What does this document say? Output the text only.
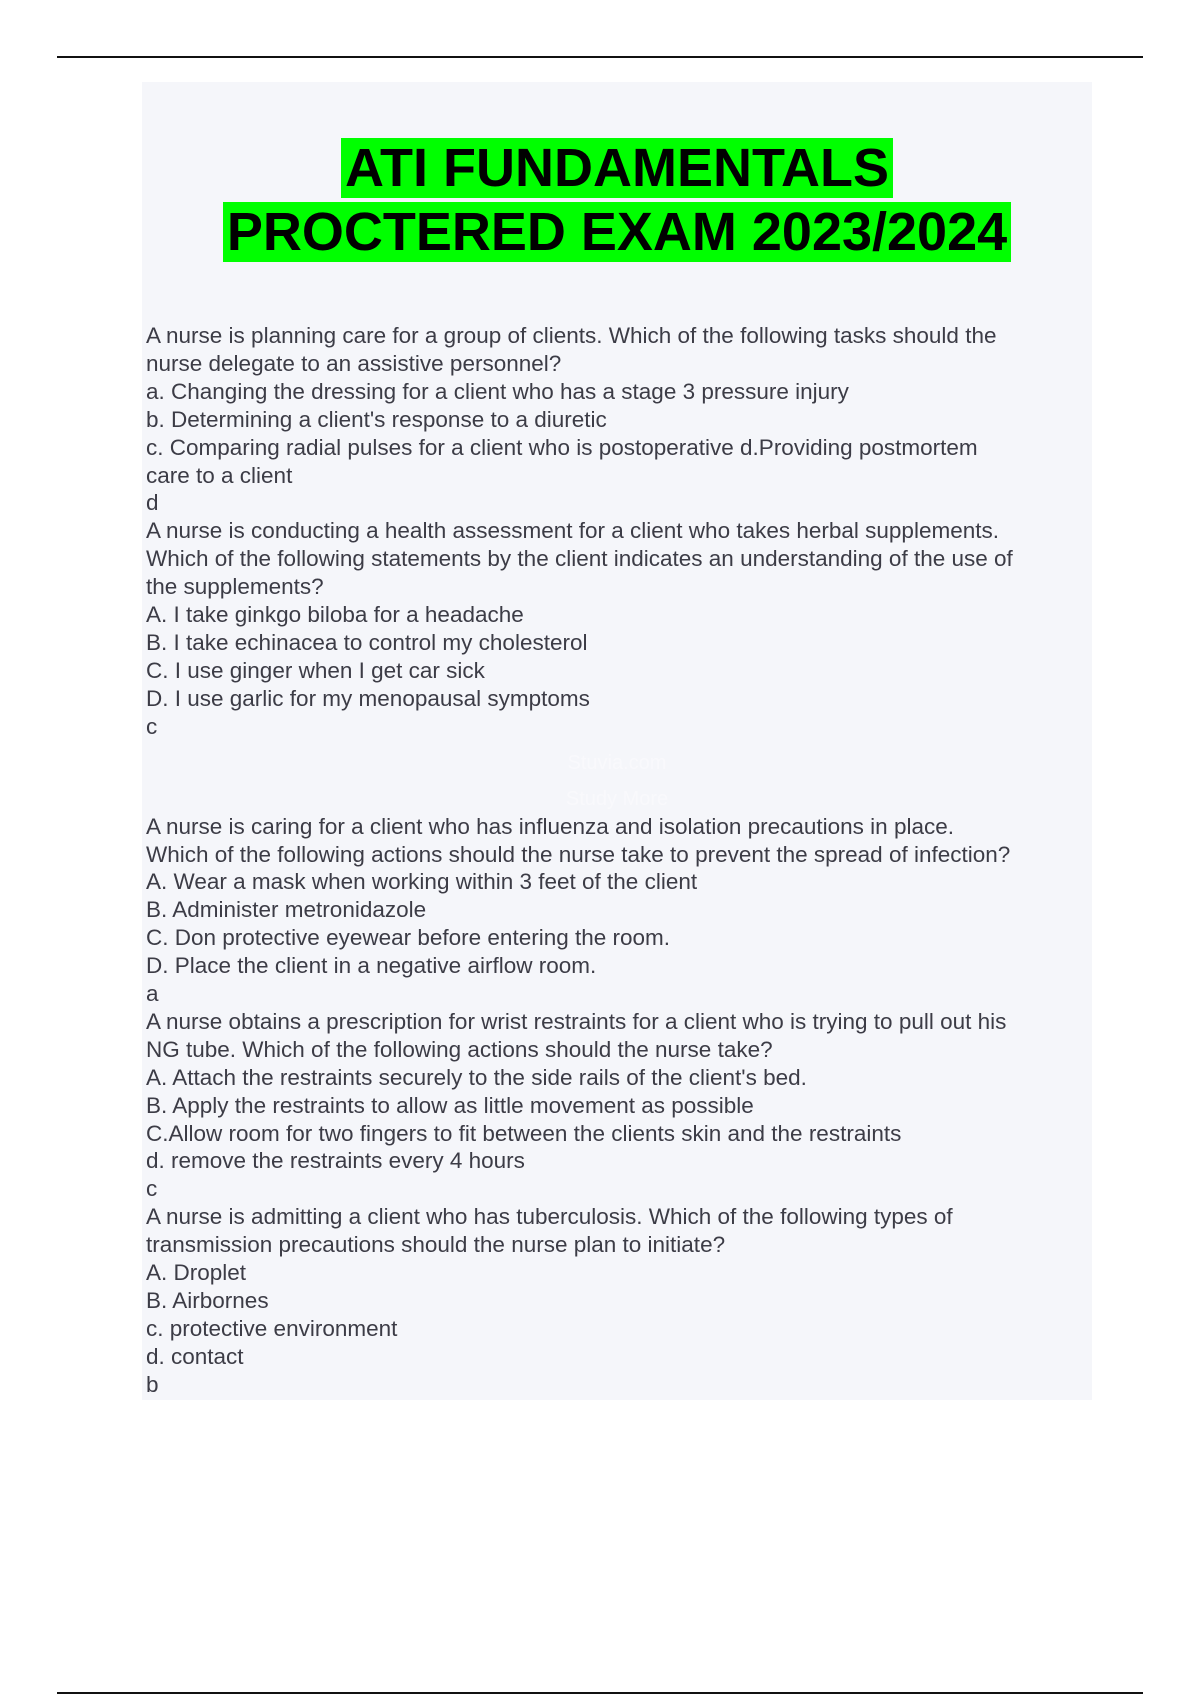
ATI FUNDAMENTALS
PROCTERED EXAM 2023/2024
Stuvia.com
Study More
A nurse is planning care for a group of clients. Which of the following tasks should the
nurse delegate to an assistive personnel?
a. Changing the dressing for a client who has a stage 3 pressure injury
b. Determining a client's response to a diuretic
c. Comparing radial pulses for a client who is postoperative d.Providing postmortem
care to a client
d
A nurse is conducting a health assessment for a client who takes herbal supplements.
Which of the following statements by the client indicates an understanding of the use of
the supplements?
A. I take ginkgo biloba for a headache
B. I take echinacea to control my cholesterol
C. I use ginger when I get car sick
D. I use garlic for my menopausal symptoms
c
A nurse is caring for a client who has influenza and isolation precautions in place.
Which of the following actions should the nurse take to prevent the spread of infection?
A. Wear a mask when working within 3 feet of the client
B. Administer metronidazole
C. Don protective eyewear before entering the room.
D. Place the client in a negative airflow room.
a
A nurse obtains a prescription for wrist restraints for a client who is trying to pull out his
NG tube. Which of the following actions should the nurse take?
A. Attach the restraints securely to the side rails of the client's bed.
B. Apply the restraints to allow as little movement as possible
C.Allow room for two fingers to fit between the clients skin and the restraints
d. remove the restraints every 4 hours
c
A nurse is admitting a client who has tuberculosis. Which of the following types of
transmission precautions should the nurse plan to initiate?
A. Droplet
B. Airbornes
c. protective environment
d. contact
b
